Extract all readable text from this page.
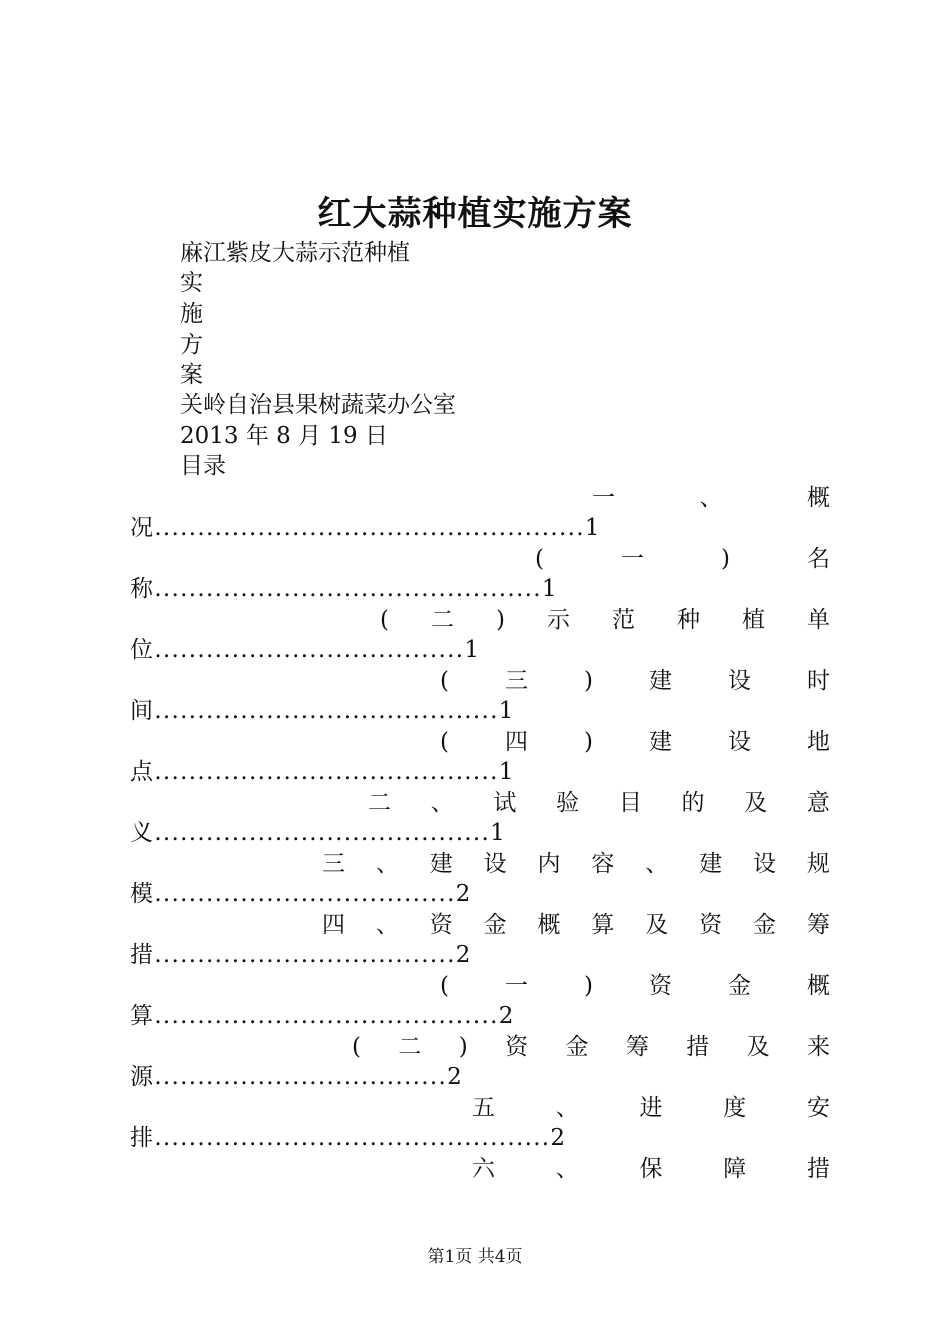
红大蒜种植实施方案
麻江紫皮大蒜示范种植
实
施
方
案
关岭自治县果树蔬菜办公室
2013 年 8 月 19 日
目录
一	、	概
况..................................................1
(	一	)	名
称.............................................1
( 二 ) 示 范 种 植 单
位....................................1
( 三 ) 建 设 时
间........................................1
( 四 ) 建 设 地
点........................................1
二 、 试 验 目 的 及 意
义.......................................1
三 、 建 设 内 容 、 建 设 规
模...................................2
四 、 资 金 概 算 及 资 金 筹
措...................................2
( 一 ) 资 金 概
算........................................2
( 二 ) 资 金 筹 措 及 来
源..................................2
五	、	进	度	安
排..............................................2
六	、	保	障	措
第1页 共4页
